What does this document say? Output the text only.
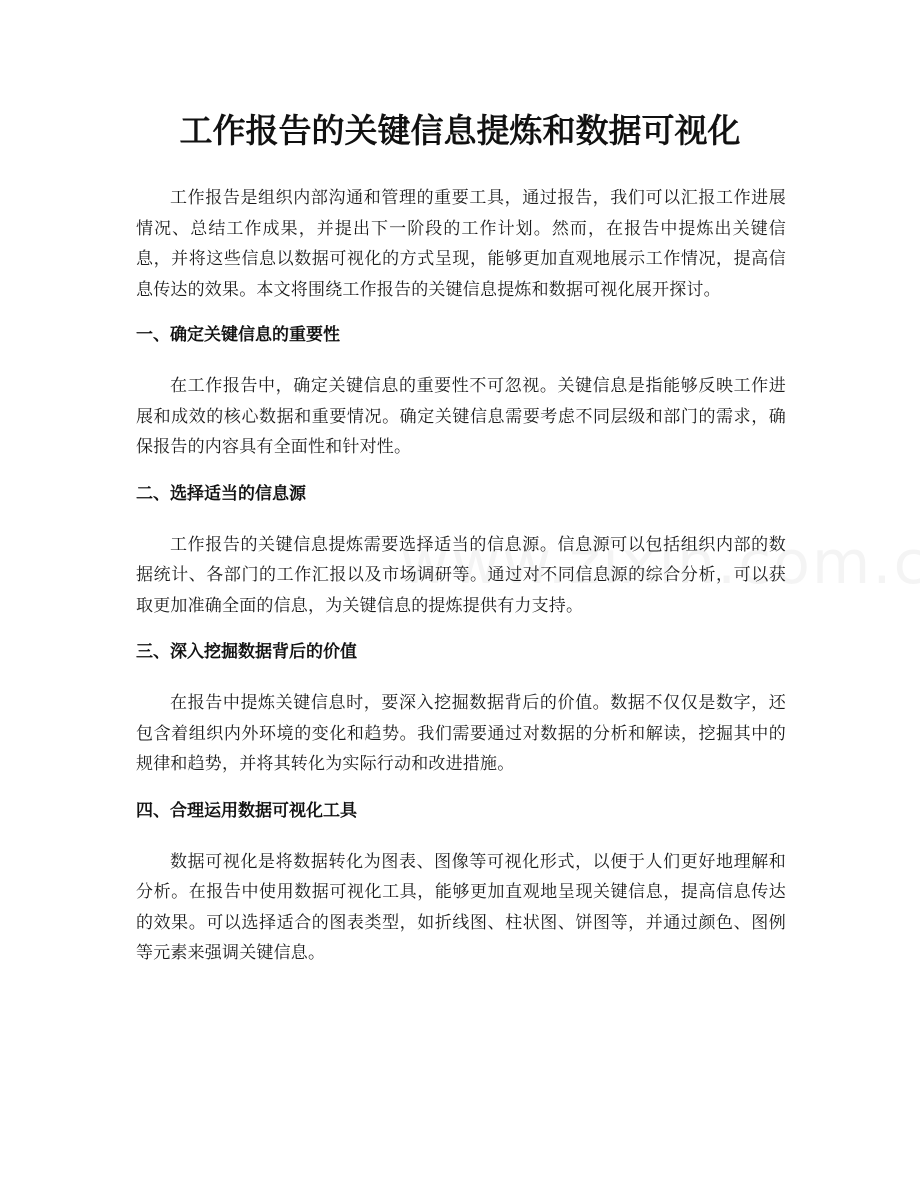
工作报告的关键信息提炼和数据可视化

工作报告是组织内部沟通和管理的重要工具，通过报告，我们可以汇报工作进展情况、总结工作成果，并提出下一阶段的工作计划。然而，在报告中提炼出关键信息，并将这些信息以数据可视化的方式呈现，能够更加直观地展示工作情况，提高信息传达的效果。本文将围绕工作报告的关键信息提炼和数据可视化展开探讨。

一、确定关键信息的重要性

在工作报告中，确定关键信息的重要性不可忽视。关键信息是指能够反映工作进展和成效的核心数据和重要情况。确定关键信息需要考虑不同层级和部门的需求，确保报告的内容具有全面性和针对性。

二、选择适当的信息源

工作报告的关键信息提炼需要选择适当的信息源。信息源可以包括组织内部的数据统计、各部门的工作汇报以及市场调研等。通过对不同信息源的综合分析，可以获取更加准确全面的信息，为关键信息的提炼提供有力支持。

三、深入挖掘数据背后的价值

在报告中提炼关键信息时，要深入挖掘数据背后的价值。数据不仅仅是数字，还包含着组织内外环境的变化和趋势。我们需要通过对数据的分析和解读，挖掘其中的规律和趋势，并将其转化为实际行动和改进措施。

四、合理运用数据可视化工具

数据可视化是将数据转化为图表、图像等可视化形式，以便于人们更好地理解和分析。在报告中使用数据可视化工具，能够更加直观地呈现关键信息，提高信息传达的效果。可以选择适合的图表类型，如折线图、柱状图、饼图等，并通过颜色、图例等元素来强调关键信息。
